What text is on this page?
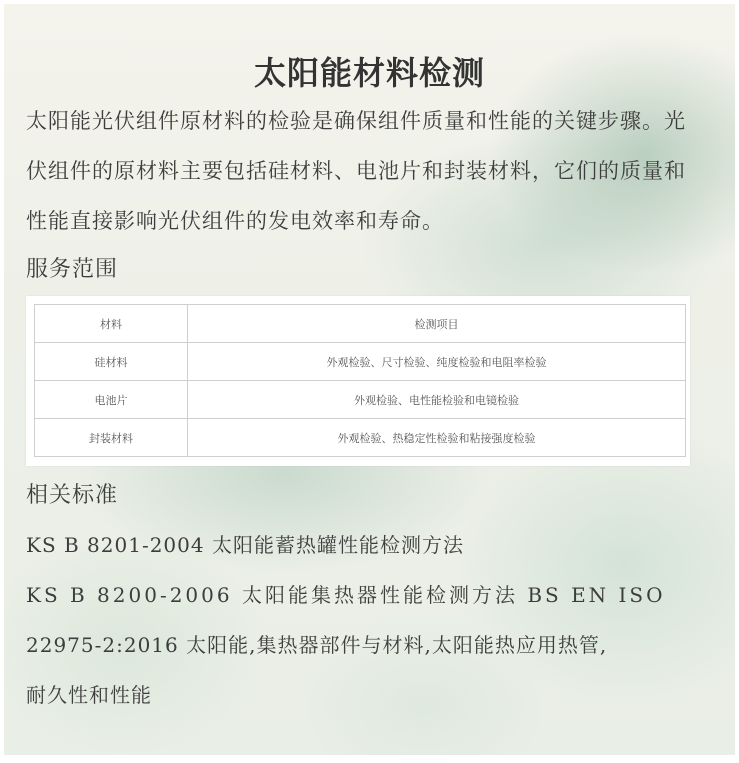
太阳能材料检测
太阳能光伏组件原材料的检验是确保组件质量和性能的关键步骤。光伏组件的原材料主要包括硅材料、电池片和封装材料，它们的质量和性能直接影响光伏组件的发电效率和寿命。
服务范围
材料	检测项目
硅材料	外观检验、尺寸检验、纯度检验和电阻率检验
电池片	外观检验、电性能检验和电镜检验
封装材料	外观检验、热稳定性检验和粘接强度检验
相关标准
KS B 8201-2004 太阳能蓄热罐性能检测方法
KS B 8200-2006 太阳能集热器性能检测方法 BS EN ISO
22975-2:2016 太阳能,集热器部件与材料,太阳能热应用热管,
耐久性和性能
